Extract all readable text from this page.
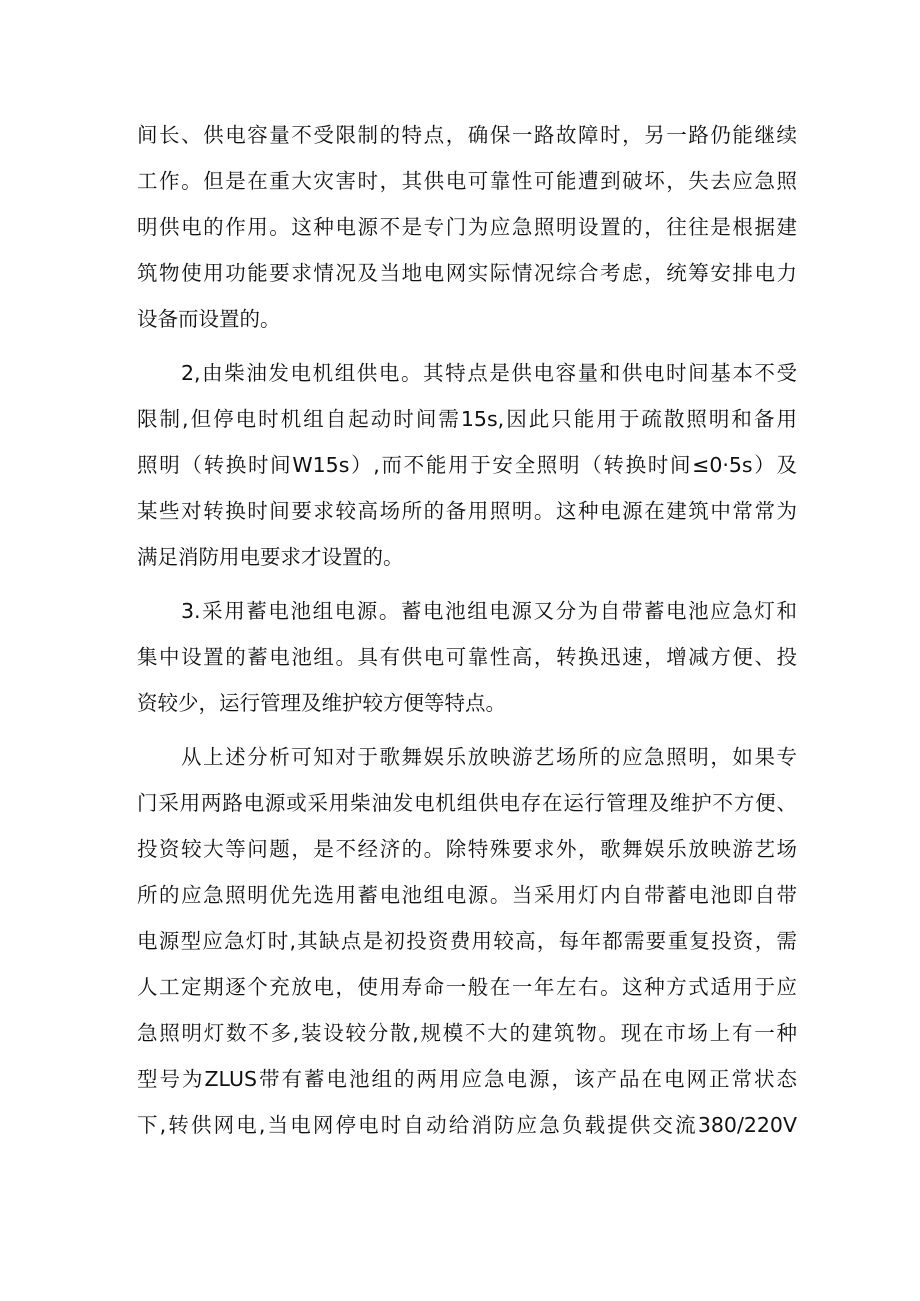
间长、供电容量不受限制的特点，确保一路故障时，另一路仍能继续
工作。但是在重大灾害时，其供电可靠性可能遭到破坏，失去应急照
明供电的作用。这种电源不是专门为应急照明设置的，往往是根据建
筑物使用功能要求情况及当地电网实际情况综合考虑，统筹安排电力
设备而设置的。
2,由柴油发电机组供电。其特点是供电容量和供电时间基本不受
限制,但停电时机组自起动时间需15s,因此只能用于疏散照明和备用
照明（转换时间W15s）,而不能用于安全照明（转换时间≤0·5s）及
某些对转换时间要求较高场所的备用照明。这种电源在建筑中常常为
满足消防用电要求才设置的。
3.采用蓄电池组电源。蓄电池组电源又分为自带蓄电池应急灯和
集中设置的蓄电池组。具有供电可靠性高，转换迅速，增减方便、投
资较少，运行管理及维护较方便等特点。
从上述分析可知对于歌舞娱乐放映游艺场所的应急照明，如果专
门采用两路电源或采用柴油发电机组供电存在运行管理及维护不方便、
投资较大等问题，是不经济的。除特殊要求外，歌舞娱乐放映游艺场
所的应急照明优先选用蓄电池组电源。当采用灯内自带蓄电池即自带
电源型应急灯时,其缺点是初投资费用较高，每年都需要重复投资，需
人工定期逐个充放电，使用寿命一般在一年左右。这种方式适用于应
急照明灯数不多,装设较分散,规模不大的建筑物。现在市场上有一种
型号为ZLUS带有蓄电池组的两用应急电源，该产品在电网正常状态
下,转供网电,当电网停电时自动给消防应急负载提供交流380/220V
